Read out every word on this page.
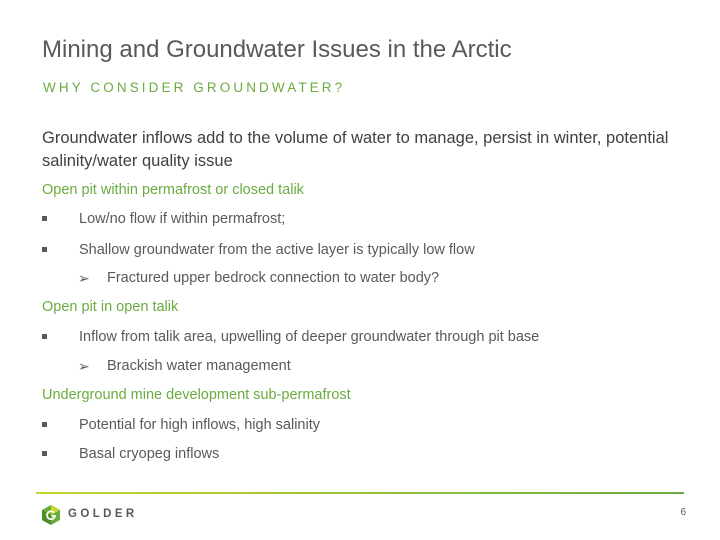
Mining and Groundwater Issues in the Arctic
WHY CONSIDER GROUNDWATER?
Groundwater inflows add to the volume of water to manage, persist in winter, potential salinity/water quality issue
Open pit within permafrost or closed talik
Low/no flow if within permafrost;
Shallow groundwater from the active layer is typically low flow
➢ Fractured upper bedrock connection to water body?
Open pit in open talik
Inflow from talik area, upwelling of deeper groundwater through pit base
➢ Brackish water management
Underground mine development sub-permafrost
Potential for high inflows, high salinity
Basal cryopeg inflows
GOLDER	6
